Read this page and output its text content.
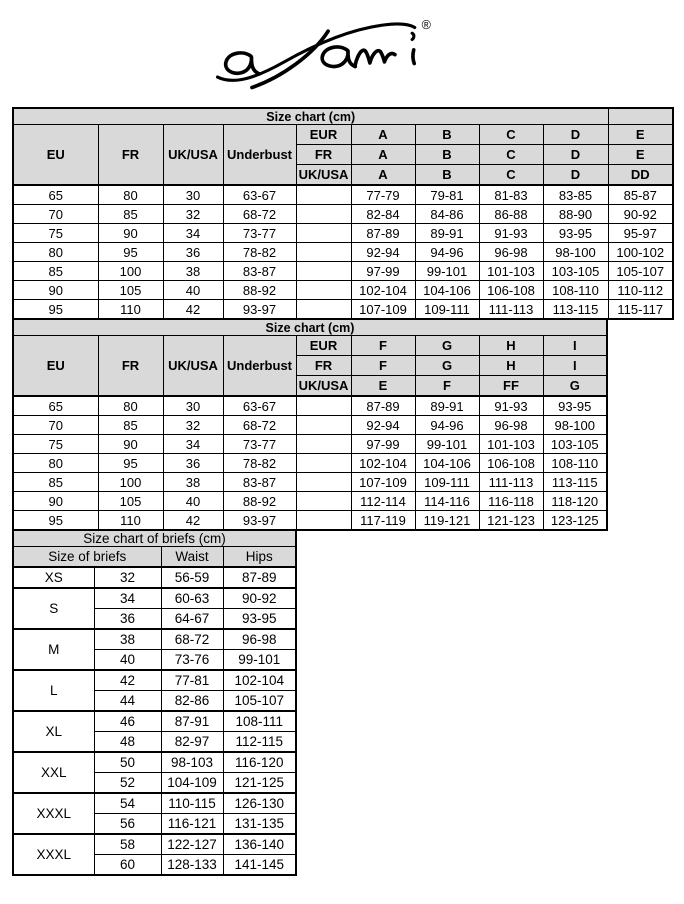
®
Size chart (cm)									
EU	FR	UK/USA	Underbust	EUR	A	B	C	D	E
				FR	A	B	C	D	E
				UK/USA	A	B	C	D	DD
65	80	30	63-67		77-79	79-81	81-83	83-85	85-87
70	85	32	68-72		82-84	84-86	86-88	88-90	90-92
75	90	34	73-77		87-89	89-91	91-93	93-95	95-97
80	95	36	78-82		92-94	94-96	96-98	98-100	100-102
85	100	38	83-87		97-99	99-101	101-103	103-105	105-107
90	105	40	88-92		102-104	104-106	106-108	108-110	110-112
95	110	42	93-97		107-109	109-111	111-113	113-115	115-117
Size chart (cm)								
EU	FR	UK/USA	Underbust	EUR	F	G	H	I
				FR	F	G	H	I
				UK/USA	E	F	FF	G
65	80	30	63-67		87-89	89-91	91-93	93-95
70	85	32	68-72		92-94	94-96	96-98	98-100
75	90	34	73-77		97-99	99-101	101-103	103-105
80	95	36	78-82		102-104	104-106	106-108	108-110
85	100	38	83-87		107-109	109-111	111-113	113-115
90	105	40	88-92		112-114	114-116	116-118	118-120
95	110	42	93-97		117-119	119-121	121-123	123-125
Size chart of briefs (cm)			
Size of briefs		Waist	Hips
XS	32	56-59	87-89
S	34	60-63	90-92
	36	64-67	93-95
M	38	68-72	96-98
	40	73-76	99-101
L	42	77-81	102-104
	44	82-86	105-107
XL	46	87-91	108-111
	48	82-97	112-115
XXL	50	98-103	116-120
	52	104-109	121-125
XXXL	54	110-115	126-130
	56	116-121	131-135
XXXL	58	122-127	136-140
	60	128-133	141-145
